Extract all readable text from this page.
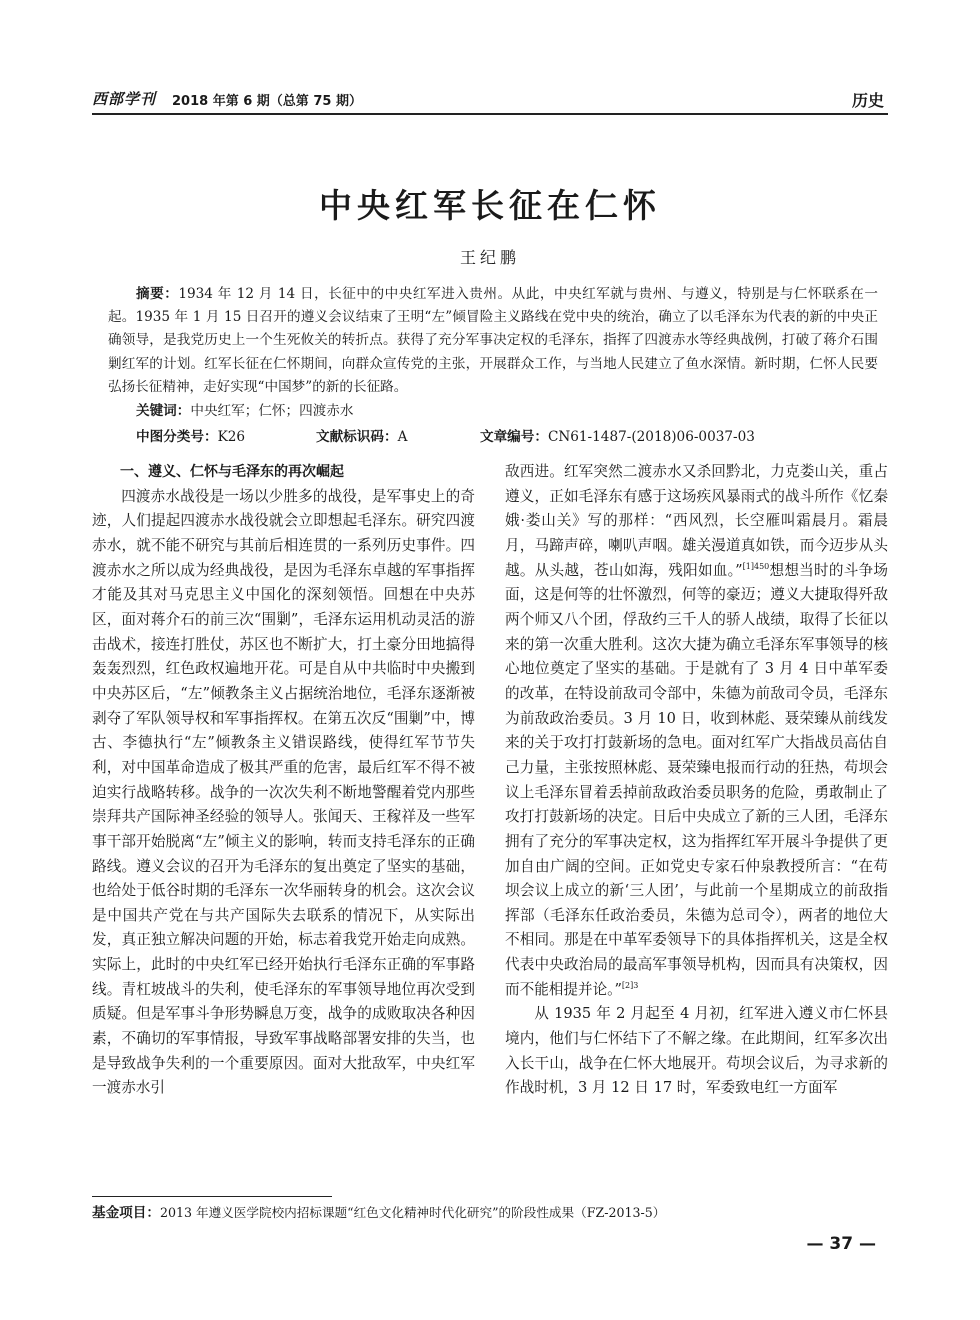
西部学刊 2018 年第 6 期（总第 75 期）	历史
中央红军长征在仁怀
王纪鹏
摘要：1934 年 12 月 14 日，长征中的中央红军进入贵州。从此，中央红军就与贵州、与遵义，特别是与仁怀联系在一起。1935 年 1 月 15 日召开的遵义会议结束了王明“左”倾冒险主义路线在党中央的统治，确立了以毛泽东为代表的新的中央正确领导，是我党历史上一个生死攸关的转折点。获得了充分军事决定权的毛泽东，指挥了四渡赤水等经典战例，打破了蒋介石围剿红军的计划。红军长征在仁怀期间，向群众宣传党的主张，开展群众工作，与当地人民建立了鱼水深情。新时期，仁怀人民要弘扬长征精神，走好实现“中国梦”的新的长征路。
关键词：中央红军；仁怀；四渡赤水
中图分类号：K26	文献标识码：A	文章编号：CN61-1487-(2018)06-0037-03
一、遵义、仁怀与毛泽东的再次崛起

四渡赤水战役是一场以少胜多的战役，是军事史上的奇迹，人们提起四渡赤水战役就会立即想起毛泽东。研究四渡赤水，就不能不研究与其前后相连贯的一系列历史事件。四渡赤水之所以成为经典战役，是因为毛泽东卓越的军事指挥才能及其对马克思主义中国化的深刻领悟。回想在中央苏区，面对蒋介石的前三次“围剿”，毛泽东运用机动灵活的游击战术，接连打胜仗，苏区也不断扩大，打土豪分田地搞得轰轰烈烈，红色政权遍地开花。可是自从中共临时中央搬到中央苏区后，“左”倾教条主义占据统治地位，毛泽东逐渐被剥夺了军队领导权和军事指挥权。在第五次反“围剿”中，博古、李德执行“左”倾教条主义错误路线，使得红军节节失利，对中国革命造成了极其严重的危害，最后红军不得不被迫实行战略转移。战争的一次次失利不断地警醒着党内那些崇拜共产国际神圣经验的领导人。张闻天、王稼祥及一些军事干部开始脱离“左”倾主义的影响，转而支持毛泽东的正确路线。遵义会议的召开为毛泽东的复出奠定了坚实的基础，也给处于低谷时期的毛泽东一次华丽转身的机会。这次会议是中国共产党在与共产国际失去联系的情况下，从实际出发，真正独立解决问题的开始，标志着我党开始走向成熟。实际上，此时的中央红军已经开始执行毛泽东正确的军事路线。青杠坡战斗的失利，使毛泽东的军事领导地位再次受到质疑。但是军事斗争形势瞬息万变，战争的成败取决各种因素，不确切的军事情报，导致军事战略部署安排的失当，也是导致战争失利的一个重要原因。面对大批敌军，中央红军一渡赤水引

敌西进。红军突然二渡赤水又杀回黔北，力克娄山关，重占遵义，正如毛泽东有感于这场疾风暴雨式的战斗所作《忆秦娥·娄山关》写的那样：“西风烈，长空雁叫霜晨月。霜晨月，马蹄声碎，喇叭声咽。雄关漫道真如铁，而今迈步从头越。从头越，苍山如海，残阳如血。”$^{[1]450}$想想当时的斗争场面，这是何等的壮怀激烈，何等的豪迈；遵义大捷取得歼敌两个师又八个团，俘敌约三千人的骄人战绩，取得了长征以来的第一次重大胜利。这次大捷为确立毛泽东军事领导的核心地位奠定了坚实的基础。于是就有了 3 月 4 日中革军委的改革，在特设前敌司令部中，朱德为前敌司令员，毛泽东为前敌政治委员。3 月 10 日，收到林彪、聂荣臻从前线发来的关于攻打打鼓新场的急电。面对红军广大指战员高估自己力量，主张按照林彪、聂荣臻电报而行动的狂热，苟坝会议上毛泽东冒着丢掉前敌政治委员职务的危险，勇敢制止了攻打打鼓新场的决定。日后中央成立了新的三人团，毛泽东拥有了充分的军事决定权，这为指挥红军开展斗争提供了更加自由广阔的空间。正如党史专家石仲泉教授所言：“在苟坝会议上成立的新‘三人团’，与此前一个星期成立的前敌指挥部（毛泽东任政治委员，朱德为总司令），两者的地位大不相同。那是在中革军委领导下的具体指挥机关，这是全权代表中央政治局的最高军事领导机构，因而具有决策权，因而不能相提并论。”$^{[2]3}$

从 1935 年 2 月起至 4 月初，红军进入遵义市仁怀县境内，他们与仁怀结下了不解之缘。在此期间，红军多次出入长干山，战争在仁怀大地展开。苟坝会议后，为寻求新的作战时机，3 月 12 日 17 时，军委致电红一方面军

基金项目：2013 年遵义医学院校内招标课题“红色文化精神时代化研究”的阶段性成果（FZ-2013-5）
— 37 —
